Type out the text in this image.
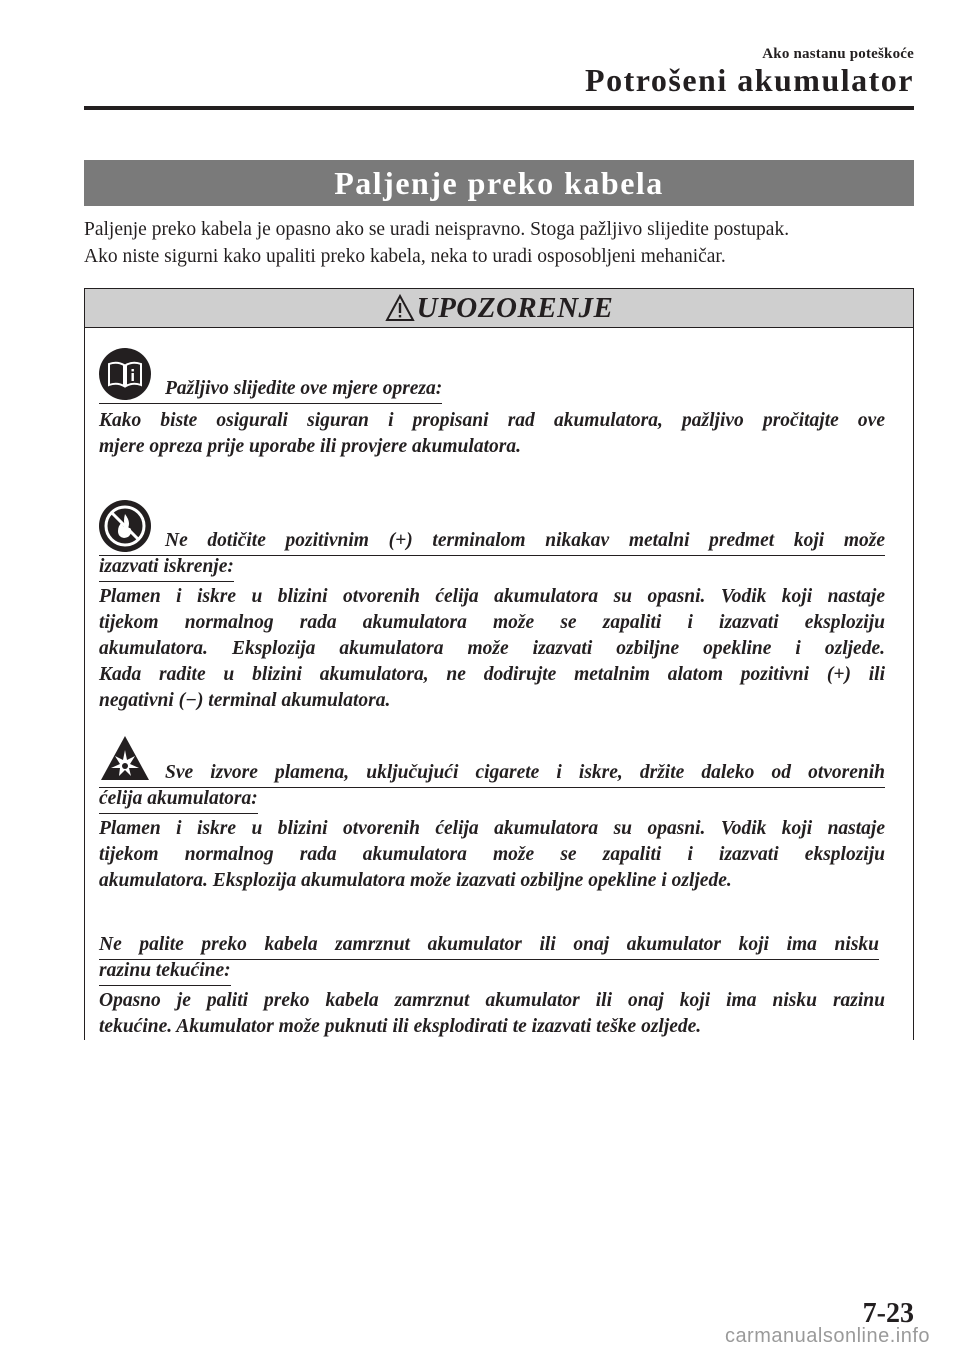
Ako nastanu poteškoće
Potrošeni akumulator
Paljenje preko kabela

Paljenje preko kabela je opasno ako se uradi neispravno. Stoga pažljivo slijedite postupak.

Ako niste sigurni kako upaliti preko kabela, neka to uradi osposobljeni mehaničar.

UPOZORENJE
Pažljivo slijedite ove mjere opreza:
Kako biste osigurali siguran i propisani rad akumulatora, pažljivo pročitajte ove
mjere opreza prije uporabe ili provjere akumulatora.
Ne dotičite pozitivnim (+) terminalom nikakav metalni predmet koji može
izazvati iskrenje:
Plamen i iskre u blizini otvorenih ćelija akumulatora su opasni. Vodik koji nastaje
tijekom normalnog rada akumulatora može se zapaliti i izazvati eksploziju
akumulatora. Eksplozija akumulatora može izazvati ozbiljne opekline i ozljede.
Kada radite u blizini akumulatora, ne dodirujte metalnim alatom pozitivni (+) ili
negativni (−) terminal akumulatora.
Sve izvore plamena, uključujući cigarete i iskre, držite daleko od otvorenih
ćelija akumulatora:
Plamen i iskre u blizini otvorenih ćelija akumulatora su opasni. Vodik koji nastaje
tijekom normalnog rada akumulatora može se zapaliti i izazvati eksploziju
akumulatora. Eksplozija akumulatora može izazvati ozbiljne opekline i ozljede.
Ne palite preko kabela zamrznut akumulator ili onaj akumulator koji ima nisku
razinu tekućine:
Opasno je paliti preko kabela zamrznut akumulator ili onaj koji ima nisku razinu
tekućine. Akumulator može puknuti ili eksplodirati te izazvati teške ozljede.
7-23
carmanualsonline.info
